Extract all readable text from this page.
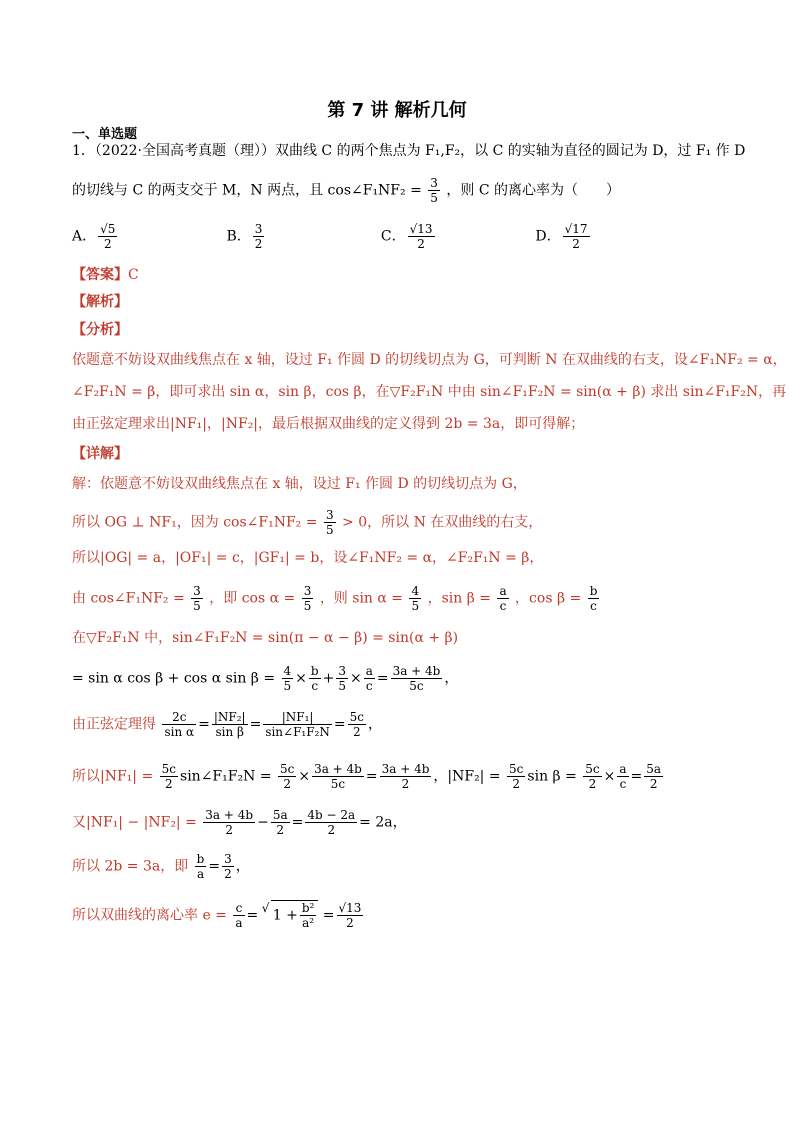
第 7 讲 解析几何
一、单选题
1．（2022·全国高考真题（理））双曲线 C 的两个焦点为 F₁,F₂，以 C 的实轴为直径的圆记为 D，过 F₁ 作 D
的切线与 C 的两支交于 M，N 两点，且 cos∠F₁NF₂ = $\frac{3}{5}$ ，则 C 的离心率为（　　）
A． $\frac{√5}{2}$	B． $\frac{3}{2}$	C． $\frac{√13}{2}$	D． $\frac{√17}{2}$
【答案】C
【解析】
【分析】
依题意不妨设双曲线焦点在 x 轴，设过 F₁ 作圆 D 的切线切点为 G，可判断 N 在双曲线的右支，设∠F₁NF₂ = α，
∠F₂F₁N = β，即可求出 sin α，sin β，cos β，在▽F₂F₁N 中由 sin∠F₁F₂N = sin(α + β) 求出 sin∠F₁F₂N，再
由正弦定理求出|NF₁|，|NF₂|，最后根据双曲线的定义得到 2b = 3a，即可得解；
【详解】
解：依题意不妨设双曲线焦点在 x 轴，设过 F₁ 作圆 D 的切线切点为 G，
所以 OG ⊥ NF₁，因为 cos∠F₁NF₂ = $\frac{3}{5} > 0$，所以 N 在双曲线的右支，
所以|OG| = a，|OF₁| = c，|GF₁| = b，设∠F₁NF₂ = α，∠F₂F₁N = β，
由 cos∠F₁NF₂ = $\frac{3}{5}$ ，即 $\cos \alpha = \frac{3}{5}$ ，则 $\sin \alpha = \frac{4}{5}$ ，$\sin \beta = \frac{a}{c}$ ，$\cos \beta = \frac{b}{c}$
在▽F₂F₁N 中，sin∠F₁F₂N = sin(π − α − β) = sin(α + β)
= sin α cos β + cos α $\sin \beta = \frac{4}{5} \times \frac{b}{c} + \frac{3}{5} \times \frac{a}{c} = \frac{3a + 4b}{5c}$ ，
由正弦定理得 $\frac{2c}{\text{sin α}} = \frac{\text{|NF₂|}}{\text{sin β}} = \frac{\text{|NF₁|}}{\text{sin∠F₁F₂N}} = \frac{5c}{2}$ ，
所以$|NF_1| = \frac{5c}{2}$ sin∠F₁F₂N = $\frac{5c}{2} \times \frac{3a + 4b}{5c} = \frac{3a + 4b}{2}$ ，$|NF_2| = \frac{5c}{2}$ $\sin \beta = \frac{5c}{2} \times \frac{a}{c} = \frac{5a}{2}$
又$|NF_1| - |NF_2| = \frac{3a + 4b}{2} - \frac{5a}{2} = \frac{4b - 2a}{2} = 2a$，
所以 2b = 3a，即 $\frac{b}{a} = \frac{3}{2}$ ，
所以双曲线的离心率 $e = \frac{c}{a}$ = √ $1 + \frac{\text{b²}}{\text{a²}} = \frac{√13}{2}$
